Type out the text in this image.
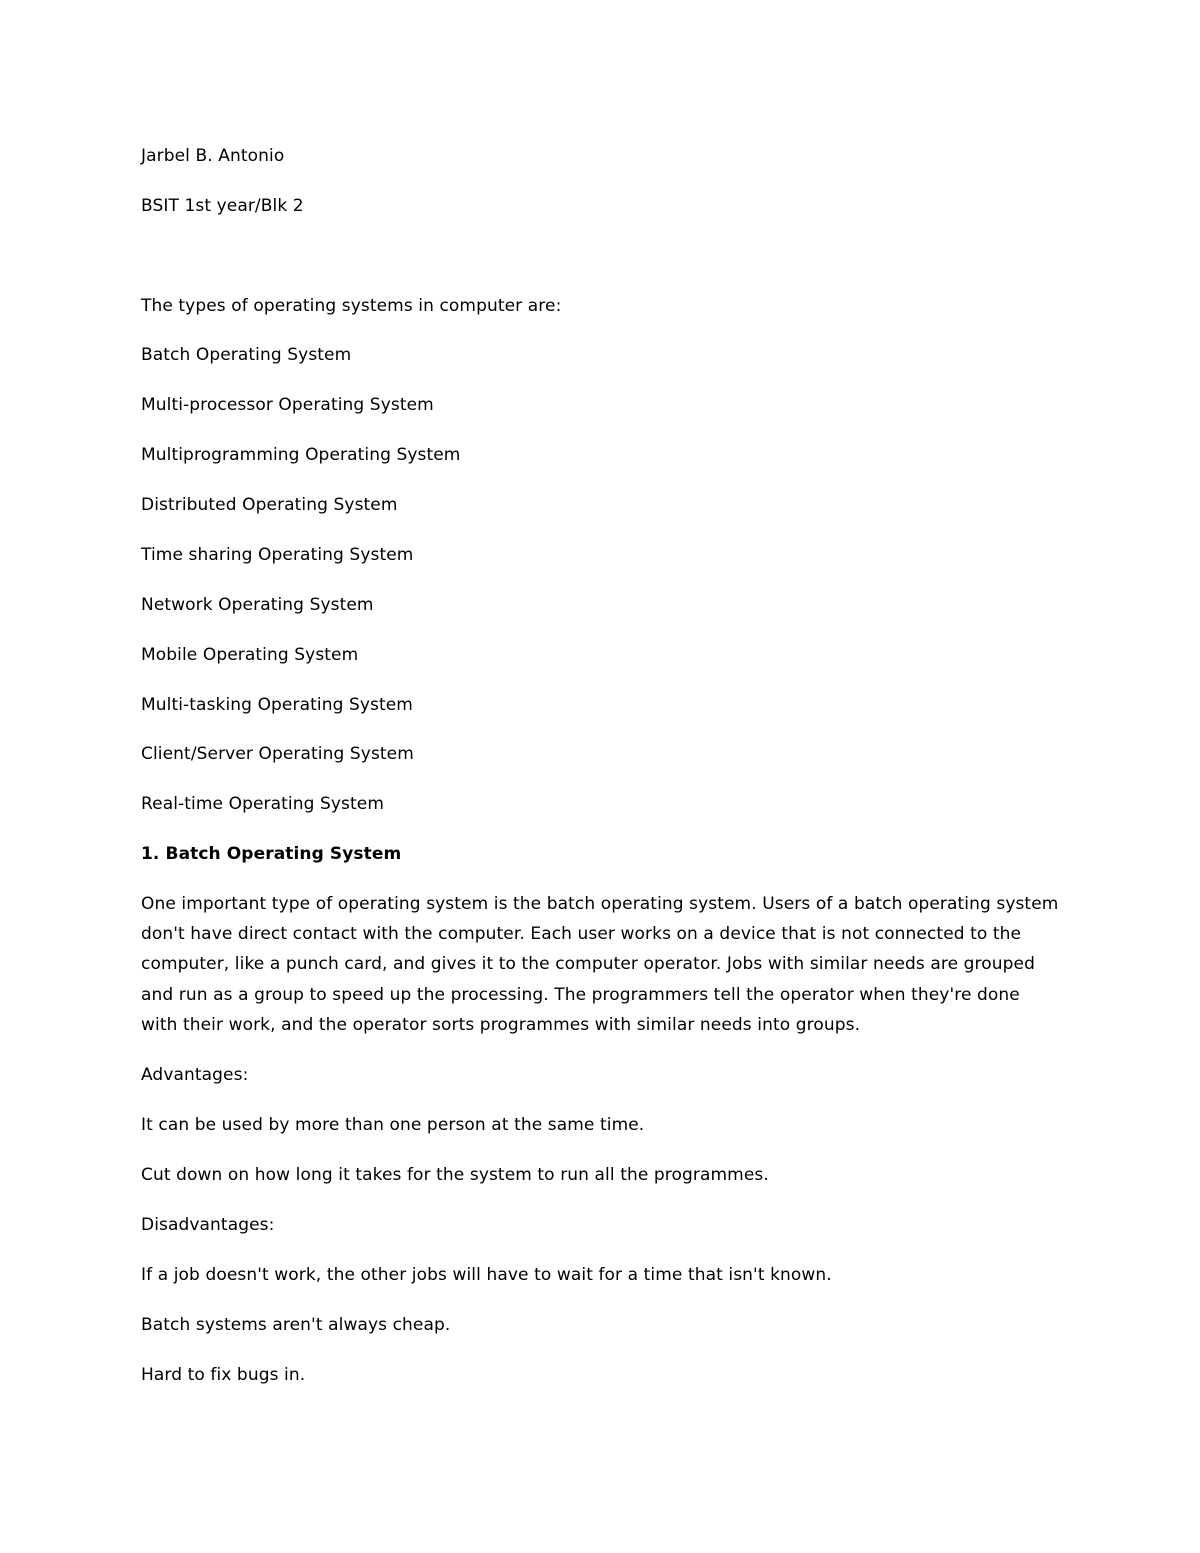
Jarbel B. Antonio

BSIT 1st year/Blk 2

The types of operating systems in computer are:

Batch Operating System

Multi-processor Operating System

Multiprogramming Operating System

Distributed Operating System

Time sharing Operating System

Network Operating System

Mobile Operating System

Multi-tasking Operating System

Client/Server Operating System

Real-time Operating System

1. Batch Operating System

One important type of operating system is the batch operating system. Users of a batch operating system don't have direct contact with the computer. Each user works on a device that is not connected to the computer, like a punch card, and gives it to the computer operator. Jobs with similar needs are grouped and run as a group to speed up the processing. The programmers tell the operator when they're done with their work, and the operator sorts programmes with similar needs into groups.

Advantages:

It can be used by more than one person at the same time.

Cut down on how long it takes for the system to run all the programmes.

Disadvantages:

If a job doesn't work, the other jobs will have to wait for a time that isn't known.

Batch systems aren't always cheap.

Hard to fix bugs in.
